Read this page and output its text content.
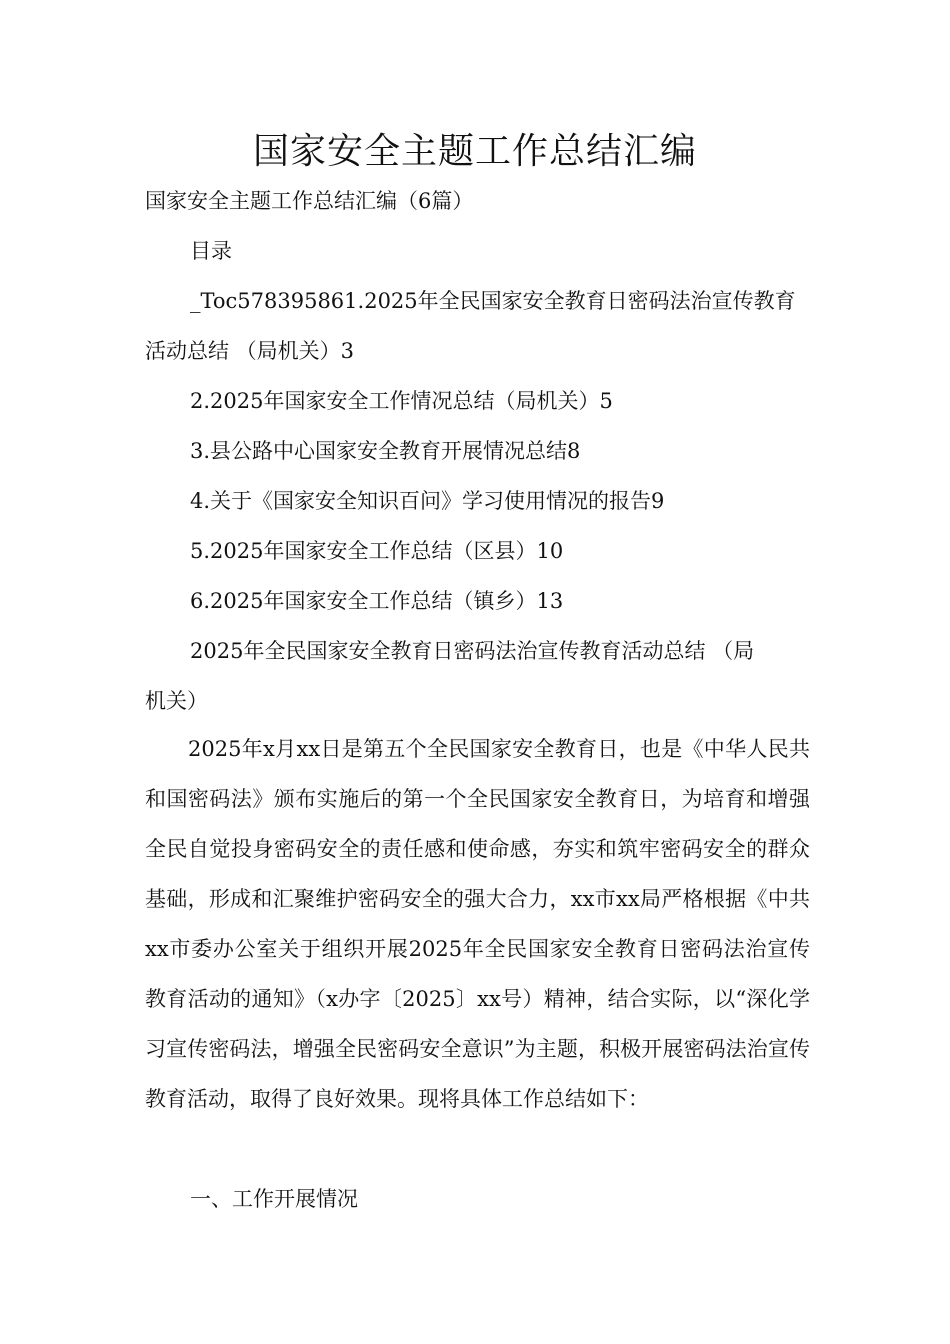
国家安全主题工作总结汇编
国家安全主题工作总结汇编（6篇）
目录
_Toc578395861.2025年全民国家安全教育日密码法治宣传教育
活动总结 （局机关）3
2.2025年国家安全工作情况总结（局机关）5
3.县公路中心国家安全教育开展情况总结8
4.关于《国家安全知识百问》学习使用情况的报告9
5.2025年国家安全工作总结（区县）10
6.2025年国家安全工作总结（镇乡）13
2025年全民国家安全教育日密码法治宣传教育活动总结 （局
机关）
2025年x月xx日是第五个全民国家安全教育日，也是《中华人民共和国密码法》颁布实施后的第一个全民国家安全教育日，为培育和增强全民自觉投身密码安全的责任感和使命感，夯实和筑牢密码安全的群众基础，形成和汇聚维护密码安全的强大合力，xx市xx局严格根据《中共xx市委办公室关于组织开展2025年全民国家安全教育日密码法治宣传教育活动的通知》（x办字〔2025〕xx号）精神，结合实际，以“深化学习宣传密码法，增强全民密码安全意识”为主题，积极开展密码法治宣传教育活动，取得了良好效果。现将具体工作总结如下：
一、工作开展情况
